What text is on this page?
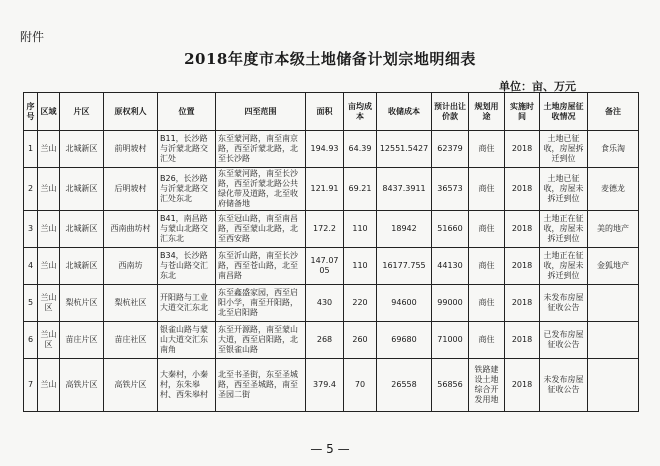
附件
2018年度市本级土地储备计划宗地明细表
单位：亩、万元
序号	区域	片区	原权利人	位置	四至范围	面积	亩均成本	收储成本	预计出让价款	规划用途	实施时间	土地房屋征收情况	备注
1	兰山	北城新区	前明坡村	B11，长沙路与沂蒙北路交汇处	东至蒙河路，南至南京路，西至沂蒙北路，北至长沙路	194.93	64.39	12551.5427	62379	商住	2018	土地已征收，房屋拆迁到位	食乐淘
2	兰山	北城新区	后明坡村	B26，长沙路与沂蒙北路交汇处东北	东至蒙河路，南至长沙路，西至沂蒙北路公共绿化带及道路，北至收府储备地	121.91	69.21	8437.3911	36573	商住	2018	土地已征收，房屋未拆迁到位	麦德龙
3	兰山	北城新区	西南曲坊村	B41，南昌路与蒙山北路交汇东北	东至冠山路，南至南昌路，西至蒙山北路，北至西安路	172.2	110	18942	51660	商住	2018	土地正在征收，房屋未拆迁到位	美的地产
4	兰山	北城新区	西南坊	B34，长沙路与苍山路交汇东北	东至沂山路，南至长沙路，西至苍山路，北至南昌路	147.0705	110	16177.755	44130	商住	2018	土地正在征收，房屋未拆迁到位	金狐地产
5	兰山区	梨杭片区	梨杭社区	开阳路与工业大道交汇东北	东至鑫盛家园，西至启阳小学，南至开阳路，北至启阳路	430	220	94600	99000	商住	2018	未发布房屋征收公告	
6	兰山区	苗庄片区	苗庄社区	银雀山路与蒙山大道交汇东南角	东至开源路，南至蒙山大道，西至启阳路，北至银雀山路	268	260	69680	71000	商住	2018	已发布房屋征收公告	
7	兰山	高铁片区	高铁片区	大秦村，小秦村，东朱皋村、西朱皋村	北至书圣街，东至圣城路，西至圣城路，南至圣园二街	379.4	70	26558	56856	铁路建设土地综合开发用地	2018	未发布房屋征收公告	
— 5 —
